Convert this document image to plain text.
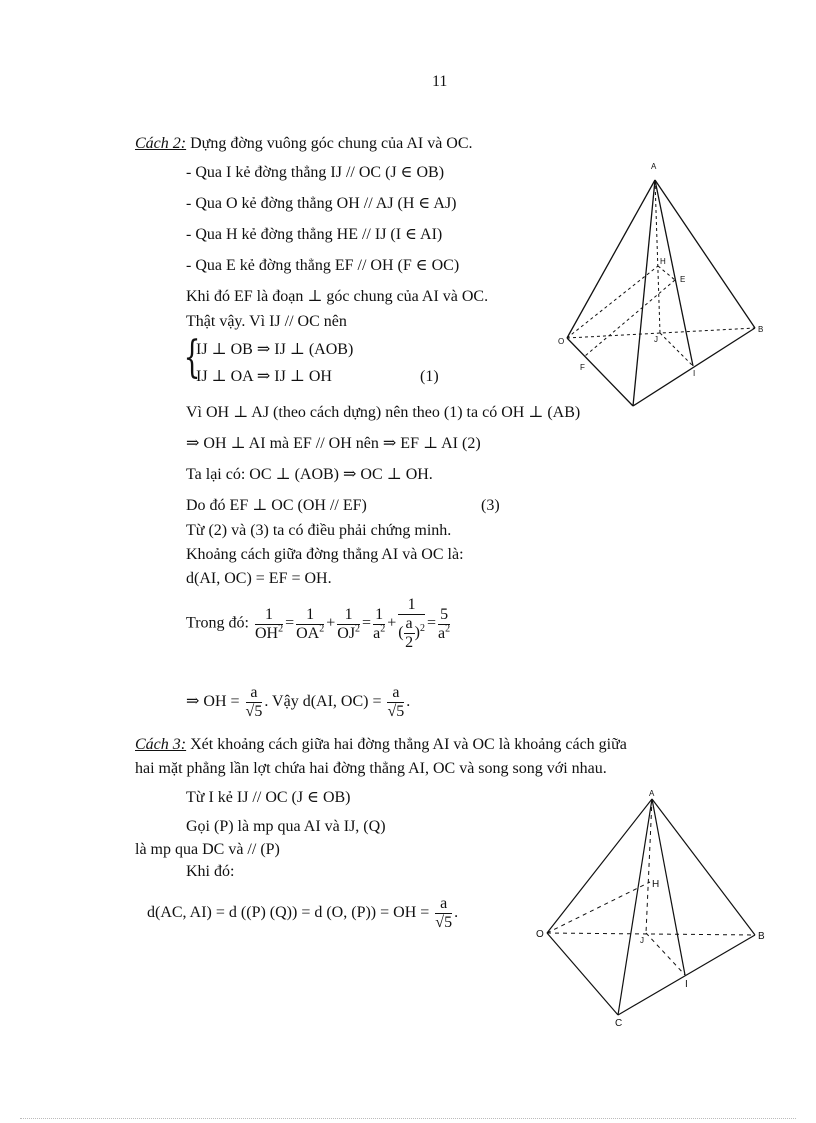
11
Cách 2: Dựng đờng vuông góc chung của AI và OC.
- Qua I kẻ đờng thẳng IJ // OC (J ∈ OB)
- Qua O kẻ đờng thẳng OH // AJ (H ∈ AJ)
- Qua H kẻ đờng thẳng HE // IJ (I ∈ AI)
- Qua E kẻ đờng thẳng EF // OH (F ∈ OC)
Khi đó EF là đoạn ⊥ góc chung của AI và OC.
Thật vậy. Vì IJ // OC nên
{
IJ ⊥ OB ⇒ IJ ⊥ (AOB)
IJ ⊥ OA ⇒ IJ ⊥ OH	(1)
Vì OH ⊥ AJ (theo cách dựng) nên theo (1) ta có OH ⊥ (AB)
⇒ OH ⊥ AI mà EF // OH nên ⇒ EF ⊥ AI (2)
Ta lại có: OC ⊥ (AOB) ⇒ OC ⊥ OH.
Do đó EF ⊥ OC (OH // EF)	(3)
Từ (2) và (3) ta có điều phải chứng minh.
Khoảng cách giữa đờng thẳng AI và OC là:
d(AI, OC) = EF = OH.
Trong đó: $\frac{1}{OH^2} = \frac{1}{OA^2} + \frac{1}{OJ^2} = \frac{1}{a^2} + \frac{1}{( \frac{a}{2} )^2} = \frac{5}{a^2}$
⇒ OH = $\frac{a}{√5}$ . Vậy d(AI, $OC) = \frac{a}{√5}$ .
Cách 3: Xét khoảng cách giữa hai đờng thẳng AI và OC là khoảng cách giữa
hai mặt phẳng lần lợt chứa hai đờng thẳng AI, OC và song song với nhau.
Từ I kẻ IJ // OC (J ∈ OB)
Gọi (P) là mp qua AI và IJ, (Q)
là mp qua DC và // (P)
Khi đó:
d(AC, AI) = d ((P) (Q)) = d (O, (P)) = OH = $\frac{a}{√5}$ .
A
H
E
O	J
B
F
I
A
H
O
J	B
I
C
